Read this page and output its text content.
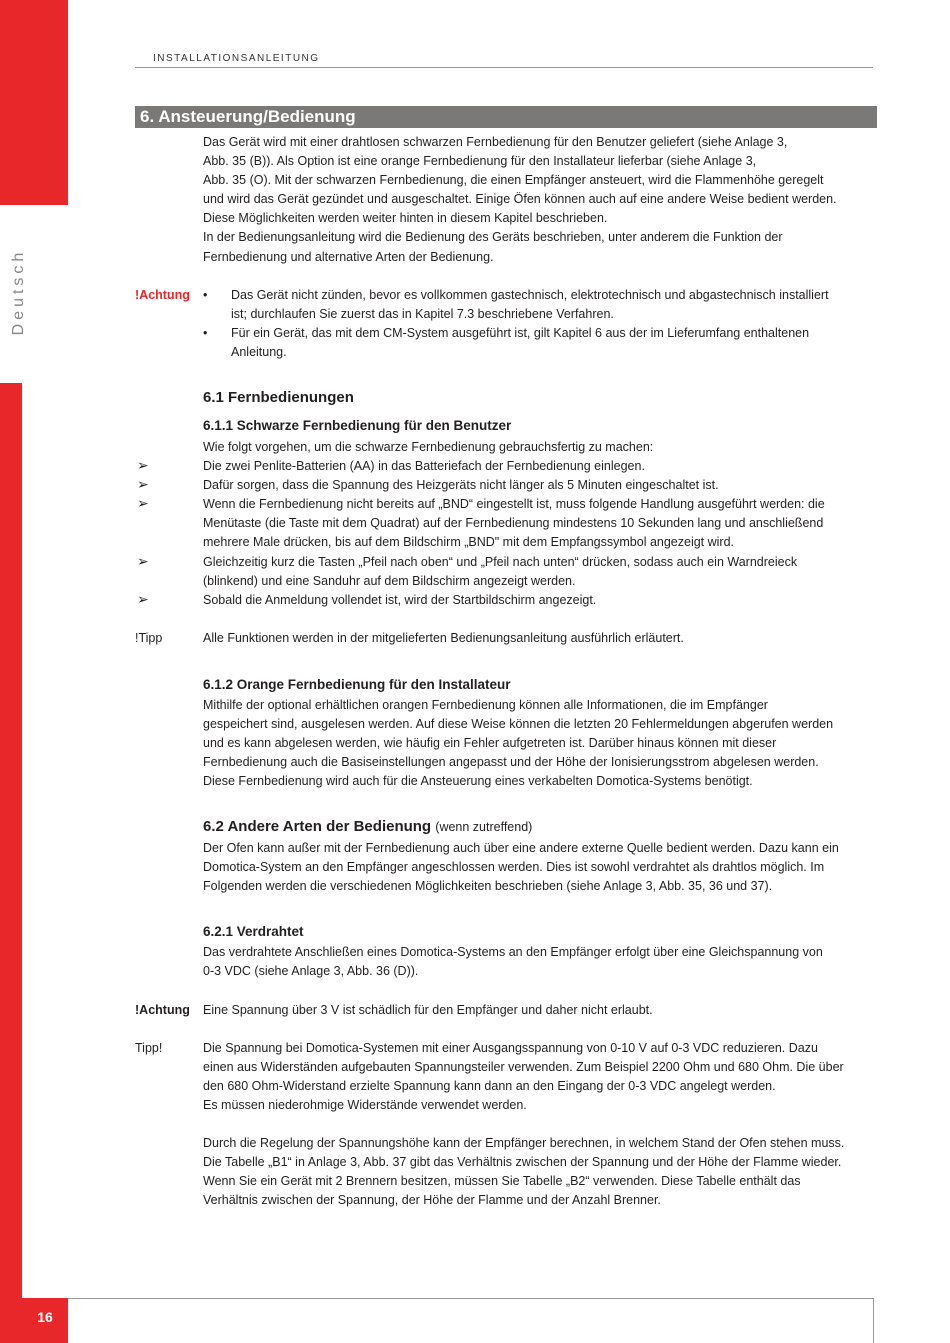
Deutsch
16
INSTALLATIONSANLEITUNG
6. Ansteuerung/Bedienung

Das Gerät wird mit einer drahtlosen schwarzen Fernbedienung für den Benutzer geliefert (siehe Anlage 3,

Abb. 35 (B)). Als Option ist eine orange Fernbedienung für den Installateur lieferbar (siehe Anlage 3,

Abb. 35 (O). Mit der schwarzen Fernbedienung, die einen Empfänger ansteuert, wird die Flammenhöhe geregelt

und wird das Gerät gezündet und ausgeschaltet. Einige Öfen können auch auf eine andere Weise bedient werden.

Diese Möglichkeiten werden weiter hinten in diesem Kapitel beschrieben.

In der Bedienungsanleitung wird die Bedienung des Geräts beschrieben, unter anderem die Funktion der

Fernbedienung und alternative Arten der Bedienung.

!Achtung • Das Gerät nicht zünden, bevor es vollkommen gastechnisch, elektrotechnisch und abgastechnisch installiert
ist; durchlaufen Sie zuerst das in Kapitel 7.3 beschriebene Verfahren.
• Für ein Gerät, das mit dem CM-System ausgeführt ist, gilt Kapitel 6 aus der im Lieferumfang enthaltenen
Anleitung.
6.1 Fernbedienungen
6.1.1 Schwarze Fernbedienung für den Benutzer

Wie folgt vorgehen, um die schwarze Fernbedienung gebrauchsfertig zu machen:

➢	Die zwei Penlite-Batterien (AA) in das Batteriefach der Fernbedienung einlegen.

➢	Dafür sorgen, dass die Spannung des Heizgeräts nicht länger als 5 Minuten eingeschaltet ist.

➢	Wenn die Fernbedienung nicht bereits auf „BND“ eingestellt ist, muss folgende Handlung ausgeführt werden: die

Menütaste (die Taste mit dem Quadrat) auf der Fernbedienung mindestens 10 Sekunden lang und anschließend

mehrere Male drücken, bis auf dem Bildschirm „BND" mit dem Empfangssymbol angezeigt wird.

➢	Gleichzeitig kurz die Tasten „Pfeil nach oben“ und „Pfeil nach unten“ drücken, sodass auch ein Warndreieck

(blinkend) und eine Sanduhr auf dem Bildschirm angezeigt werden.

➢	Sobald die Anmeldung vollendet ist, wird der Startbildschirm angezeigt.

!Tipp	Alle Funktionen werden in der mitgelieferten Bedienungsanleitung ausführlich erläutert.

6.1.2 Orange Fernbedienung für den Installateur

Mithilfe der optional erhältlichen orangen Fernbedienung können alle Informationen, die im Empfänger

gespeichert sind, ausgelesen werden. Auf diese Weise können die letzten 20 Fehlermeldungen abgerufen werden

und es kann abgelesen werden, wie häufig ein Fehler aufgetreten ist. Darüber hinaus können mit dieser

Fernbedienung auch die Basiseinstellungen angepasst und der Höhe der Ionisierungsstrom abgelesen werden.

Diese Fernbedienung wird auch für die Ansteuerung eines verkabelten Domotica-Systems benötigt.

6.2 Andere Arten der Bedienung (wenn zutreffend)

Der Ofen kann außer mit der Fernbedienung auch über eine andere externe Quelle bedient werden. Dazu kann ein

Domotica-System an den Empfänger angeschlossen werden. Dies ist sowohl verdrahtet als drahtlos möglich. Im

Folgenden werden die verschiedenen Möglichkeiten beschrieben (siehe Anlage 3, Abb. 35, 36 und 37).

6.2.1 Verdrahtet

Das verdrahtete Anschließen eines Domotica-Systems an den Empfänger erfolgt über eine Gleichspannung von

0-3 VDC (siehe Anlage 3, Abb. 36 (D)).

!Achtung Eine Spannung über 3 V ist schädlich für den Empfänger und daher nicht erlaubt.

Tipp!	Die Spannung bei Domotica-Systemen mit einer Ausgangsspannung von 0-10 V auf 0-3 VDC reduzieren. Dazu

einen aus Widerständen aufgebauten Spannungsteiler verwenden. Zum Beispiel 2200 Ohm und 680 Ohm. Die über

den 680 Ohm-Widerstand erzielte Spannung kann dann an den Eingang der 0-3 VDC angelegt werden.

Es müssen niederohmige Widerstände verwendet werden.

Durch die Regelung der Spannungshöhe kann der Empfänger berechnen, in welchem Stand der Ofen stehen muss.

Die Tabelle „B1“ in Anlage 3, Abb. 37 gibt das Verhältnis zwischen der Spannung und der Höhe der Flamme wieder.

Wenn Sie ein Gerät mit 2 Brennern besitzen, müssen Sie Tabelle „B2“ verwenden. Diese Tabelle enthält das

Verhältnis zwischen der Spannung, der Höhe der Flamme und der Anzahl Brenner.
